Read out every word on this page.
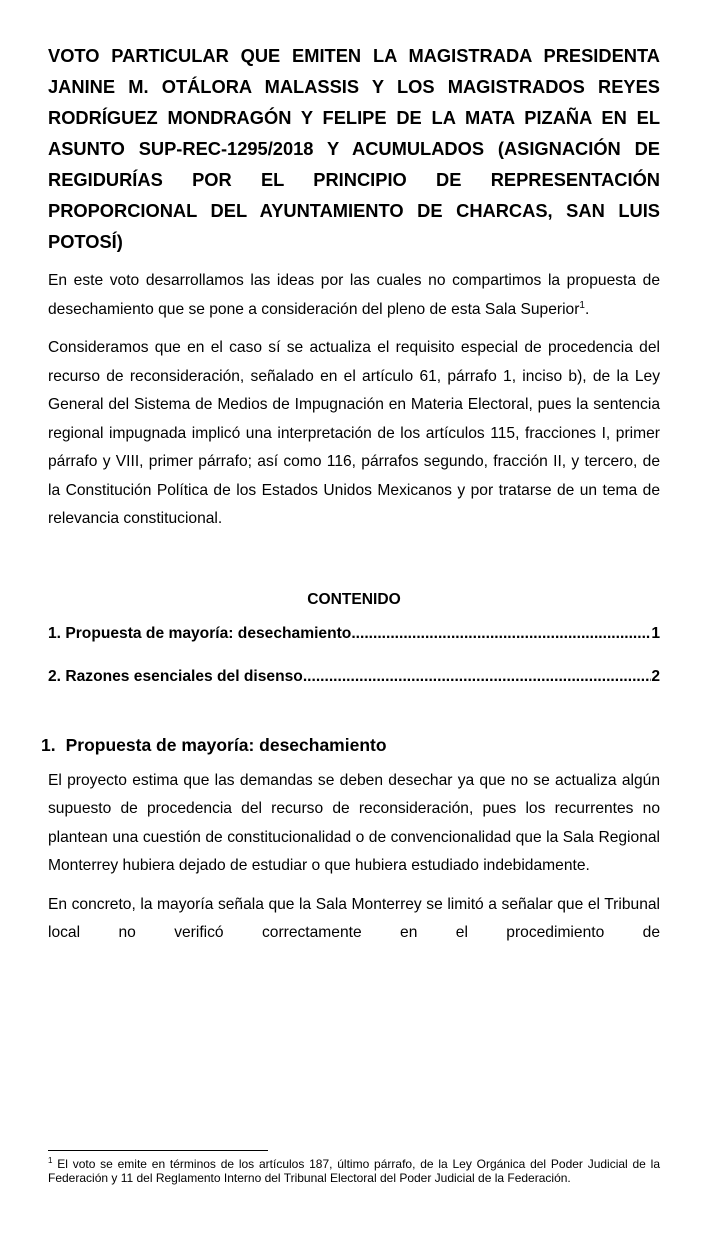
VOTO PARTICULAR QUE EMITEN LA MAGISTRADA PRESIDENTA JANINE M. OTÁLORA MALASSIS Y LOS MAGISTRADOS REYES RODRÍGUEZ MONDRAGÓN Y FELIPE DE LA MATA PIZAÑA EN EL ASUNTO SUP-REC-1295/2018 Y ACUMULADOS (ASIGNACIÓN DE REGIDURÍAS POR EL PRINCIPIO DE REPRESENTACIÓN PROPORCIONAL DEL AYUNTAMIENTO DE CHARCAS, SAN LUIS POTOSÍ)

En este voto desarrollamos las ideas por las cuales no compartimos la propuesta de desechamiento que se pone a consideración del pleno de esta Sala Superior$^1$.

Consideramos que en el caso sí se actualiza el requisito especial de procedencia del recurso de reconsideración, señalado en el artículo 61, párrafo 1, inciso b), de la Ley General del Sistema de Medios de Impugnación en Materia Electoral, pues la sentencia regional impugnada implicó una interpretación de los artículos 115, fracciones I, primer párrafo y VIII, primer párrafo; así como 116, párrafos segundo, fracción II, y tercero, de la Constitución Política de los Estados Unidos Mexicanos y por tratarse de un tema de relevancia constitucional.

CONTENIDO
1. Propuesta de mayoría: desechamiento .....	1
2. Razones esenciales del disenso .....	2
1. Propuesta de mayoría: desechamiento

El proyecto estima que las demandas se deben desechar ya que no se actualiza algún supuesto de procedencia del recurso de reconsideración, pues los recurrentes no plantean una cuestión de constitucionalidad o de convencionalidad que la Sala Regional Monterrey hubiera dejado de estudiar o que hubiera estudiado indebidamente.

En concreto, la mayoría señala que la Sala Monterrey se limitó a señalar que el Tribunal local no verificó correctamente en el procedimiento de

$^1$ El voto se emite en términos de los artículos 187, último párrafo, de la Ley Orgánica del Poder Judicial de la Federación y 11 del Reglamento Interno del Tribunal Electoral del Poder Judicial de la Federación.
